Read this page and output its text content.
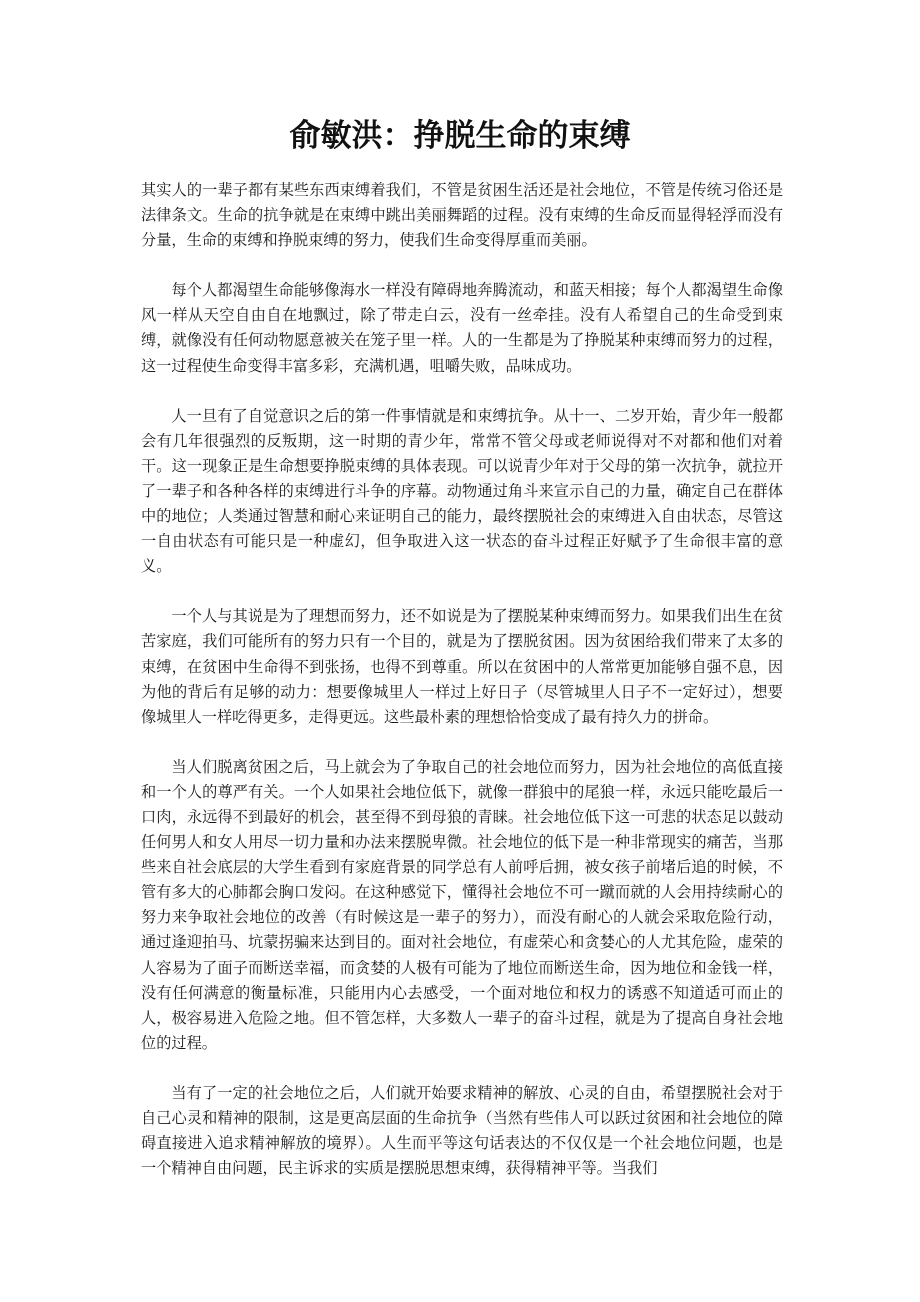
俞敏洪：挣脱生命的束缚

其实人的一辈子都有某些东西束缚着我们，不管是贫困生活还是社会地位，不管是传统习俗还是法律条文。生命的抗争就是在束缚中跳出美丽舞蹈的过程。没有束缚的生命反而显得轻浮而没有分量，生命的束缚和挣脱束缚的努力，使我们生命变得厚重而美丽。

每个人都渴望生命能够像海水一样没有障碍地奔腾流动，和蓝天相接；每个人都渴望生命像风一样从天空自由自在地飘过，除了带走白云，没有一丝牵挂。没有人希望自己的生命受到束缚，就像没有任何动物愿意被关在笼子里一样。人的一生都是为了挣脱某种束缚而努力的过程，这一过程使生命变得丰富多彩，充满机遇，咀嚼失败，品味成功。

人一旦有了自觉意识之后的第一件事情就是和束缚抗争。从十一、二岁开始，青少年一般都会有几年很强烈的反叛期，这一时期的青少年，常常不管父母或老师说得对不对都和他们对着干。这一现象正是生命想要挣脱束缚的具体表现。可以说青少年对于父母的第一次抗争，就拉开了一辈子和各种各样的束缚进行斗争的序幕。动物通过角斗来宣示自己的力量，确定自己在群体中的地位；人类通过智慧和耐心来证明自己的能力，最终摆脱社会的束缚进入自由状态，尽管这一自由状态有可能只是一种虚幻，但争取进入这一状态的奋斗过程正好赋予了生命很丰富的意义。

一个人与其说是为了理想而努力，还不如说是为了摆脱某种束缚而努力。如果我们出生在贫苦家庭，我们可能所有的努力只有一个目的，就是为了摆脱贫困。因为贫困给我们带来了太多的束缚，在贫困中生命得不到张扬，也得不到尊重。所以在贫困中的人常常更加能够自强不息，因为他的背后有足够的动力：想要像城里人一样过上好日子（尽管城里人日子不一定好过），想要像城里人一样吃得更多，走得更远。这些最朴素的理想恰恰变成了最有持久力的拼命。

当人们脱离贫困之后，马上就会为了争取自己的社会地位而努力，因为社会地位的高低直接和一个人的尊严有关。一个人如果社会地位低下，就像一群狼中的尾狼一样，永远只能吃最后一口肉，永远得不到最好的机会，甚至得不到母狼的青睐。社会地位低下这一可悲的状态足以鼓动任何男人和女人用尽一切力量和办法来摆脱卑微。社会地位的低下是一种非常现实的痛苦，当那些来自社会底层的大学生看到有家庭背景的同学总有人前呼后拥，被女孩子前堵后追的时候，不管有多大的心肺都会胸口发闷。在这种感觉下，懂得社会地位不可一蹴而就的人会用持续耐心的努力来争取社会地位的改善（有时候这是一辈子的努力），而没有耐心的人就会采取危险行动，通过逢迎拍马、坑蒙拐骗来达到目的。面对社会地位，有虚荣心和贪婪心的人尤其危险，虚荣的人容易为了面子而断送幸福，而贪婪的人极有可能为了地位而断送生命，因为地位和金钱一样，没有任何满意的衡量标准，只能用内心去感受，一个面对地位和权力的诱惑不知道适可而止的人，极容易进入危险之地。但不管怎样，大多数人一辈子的奋斗过程，就是为了提高自身社会地位的过程。

当有了一定的社会地位之后，人们就开始要求精神的解放、心灵的自由，希望摆脱社会对于自己心灵和精神的限制，这是更高层面的生命抗争（当然有些伟人可以跃过贫困和社会地位的障碍直接进入追求精神解放的境界）。人生而平等这句话表达的不仅仅是一个社会地位问题，也是一个精神自由问题，民主诉求的实质是摆脱思想束缚，获得精神平等。当我们
